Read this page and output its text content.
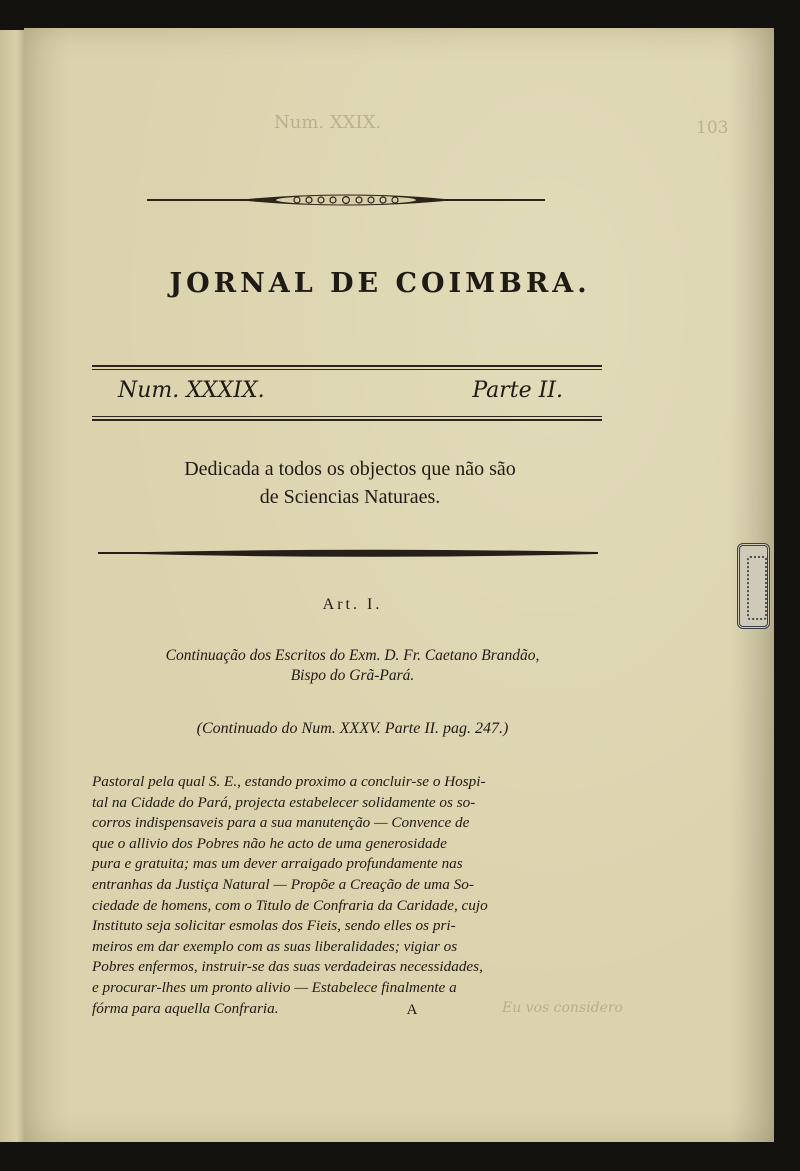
Num. XXIX.	103
Eu vos considero
JORNAL DE COIMBRA.
Num. XXXIX.	Parte II.
Dedicada a todos os objectos que não são
de Sciencias Naturaes.
Art. I.
Continuação dos Escritos do Exm. D. Fr. Caetano Brandão,
Bispo do Grã-Pará.
(Continuado do Num. XXXV. Parte II. pag. 247.)
Pastoral pela qual S. E., estando proximo a concluir-se o Hospi-
tal na Cidade do Pará, projecta estabelecer solidamente os so-
corros indispensaveis para a sua manutenção — Convence de
que o allivio dos Pobres não he acto de uma generosidade
pura e gratuita; mas um dever arraigado profundamente nas
entranhas da Justiça Natural — Propõe a Creação de uma So-
ciedade de homens, com o Titulo de Confraria da Caridade, cujo
Instituto seja solicitar esmolas dos Fieis, sendo elles os pri-
meiros em dar exemplo com as suas liberalidades; vigiar os
Pobres enfermos, instruir-se das suas verdadeiras necessidades,
e procurar-lhes um pronto alivio — Estabelece finalmente a
fórma para aquella Confraria.	A
